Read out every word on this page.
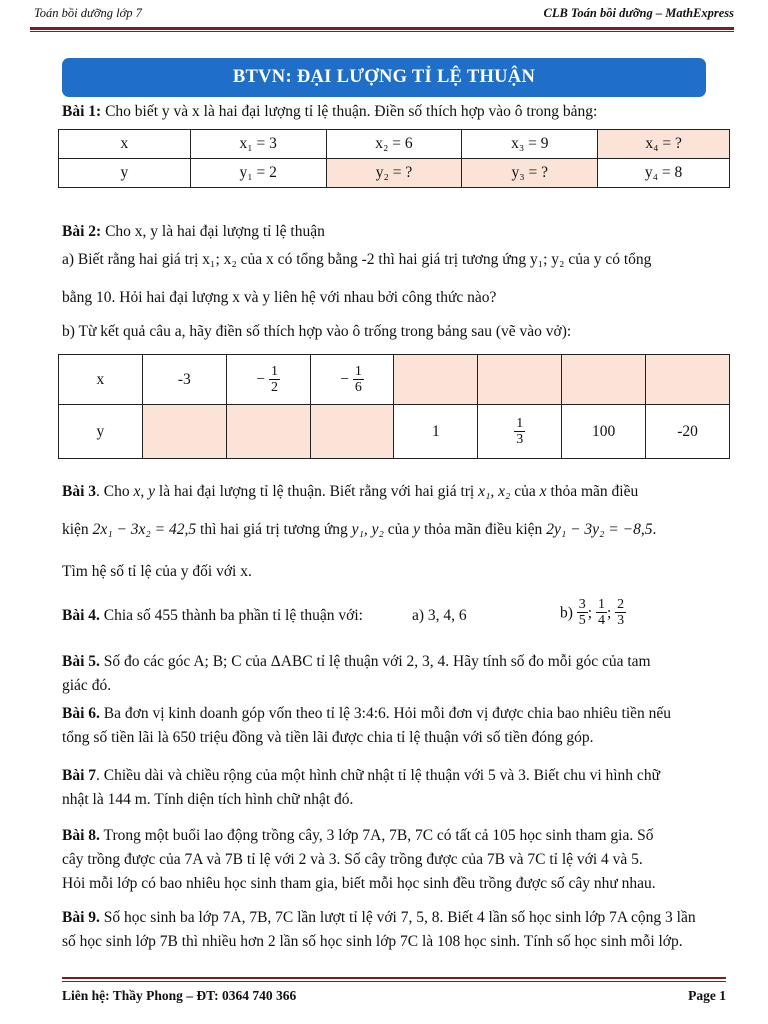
Toán bồi dưỡng lớp 7	CLB Toán bồi dưỡng – MathExpress
BTVN: ĐẠI LƯỢNG TỈ LỆ THUẬN
Bài 1: Cho biết y và x là hai đại lượng tỉ lệ thuận. Điền số thích hợp vào ô trong bảng:
x	x₁ = 3	x₂ = 6	x₃ = 9	x₄ = ?
y	y₁ = 2	y₂ = ?	y₃ = ?	y₄ = 8
Bài 2: Cho x, y là hai đại lượng tỉ lệ thuận
a) Biết rằng hai giá trị x₁; x₂ của x có tổng bằng -2 thì hai giá trị tương ứng y₁; y₂ của y có tổng
bằng 10. Hỏi hai đại lượng x và y liên hệ với nhau bởi công thức nào?
b) Từ kết quả câu a, hãy điền số thích hợp vào ô trống trong bảng sau (vẽ vào vở):
x	-3	− $\frac{1}{2}$	− $\frac{1}{6}$

y				1	$\frac{1}{3}$	100	-20
Bài 3. Cho x, y là hai đại lượng tỉ lệ thuận. Biết rằng với hai giá trị x₁, x₂ của x thỏa mãn điều
kiện 2x₁ − 3x₂ = 42,5 thì hai giá trị tương ứng y₁, y₂ của y thỏa mãn điều kiện 2y₁ − 3y₂ = −8,5.
Tìm hệ số tỉ lệ của y đối với x.
Bài 4. Chia số 455 thành ba phần tỉ lệ thuận với:	a) 3, 4, 6	$b) \frac{3}{5}$ ; $\frac{1}{4}$ ; $\frac{2}{3}$
Bài 5. Số đo các góc A; B; C của ΔABC tỉ lệ thuận với 2, 3, 4. Hãy tính số đo mỗi góc của tam
giác đó.
Bài 6. Ba đơn vị kinh doanh góp vốn theo tỉ lệ 3:4:6. Hỏi mỗi đơn vị được chia bao nhiêu tiền nếu
tổng số tiền lãi là 650 triệu đồng và tiền lãi được chia tỉ lệ thuận với số tiền đóng góp.
Bài 7. Chiều dài và chiều rộng của một hình chữ nhật tỉ lệ thuận với 5 và 3. Biết chu vi hình chữ
nhật là 144 m. Tính diện tích hình chữ nhật đó.
Bài 8. Trong một buổi lao động trồng cây, 3 lớp 7A, 7B, 7C có tất cả 105 học sinh tham gia. Số
cây trồng được của 7A và 7B tỉ lệ với 2 và 3. Số cây trồng được của 7B và 7C tỉ lệ với 4 và 5.
Hỏi mỗi lớp có bao nhiêu học sinh tham gia, biết mỗi học sinh đều trồng được số cây như nhau.
Bài 9. Số học sinh ba lớp 7A, 7B, 7C lần lượt tỉ lệ với 7, 5, 8. Biết 4 lần số học sinh lớp 7A cộng 3 lần
số học sinh lớp 7B thì nhiều hơn 2 lần số học sinh lớp 7C là 108 học sinh. Tính số học sinh mỗi lớp.
Liên hệ: Thầy Phong – ĐT: 0364 740 366	Page 1
